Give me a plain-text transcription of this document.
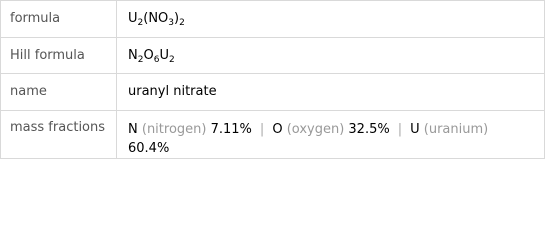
formula	$U_2(NO_3)_2$
Hill formula	$N_2O_6U_2$
name	uranyl nitrate
mass fractions	N (nitrogen) 7.11% | O (oxygen) 32.5% | U (uranium)
60.4%
